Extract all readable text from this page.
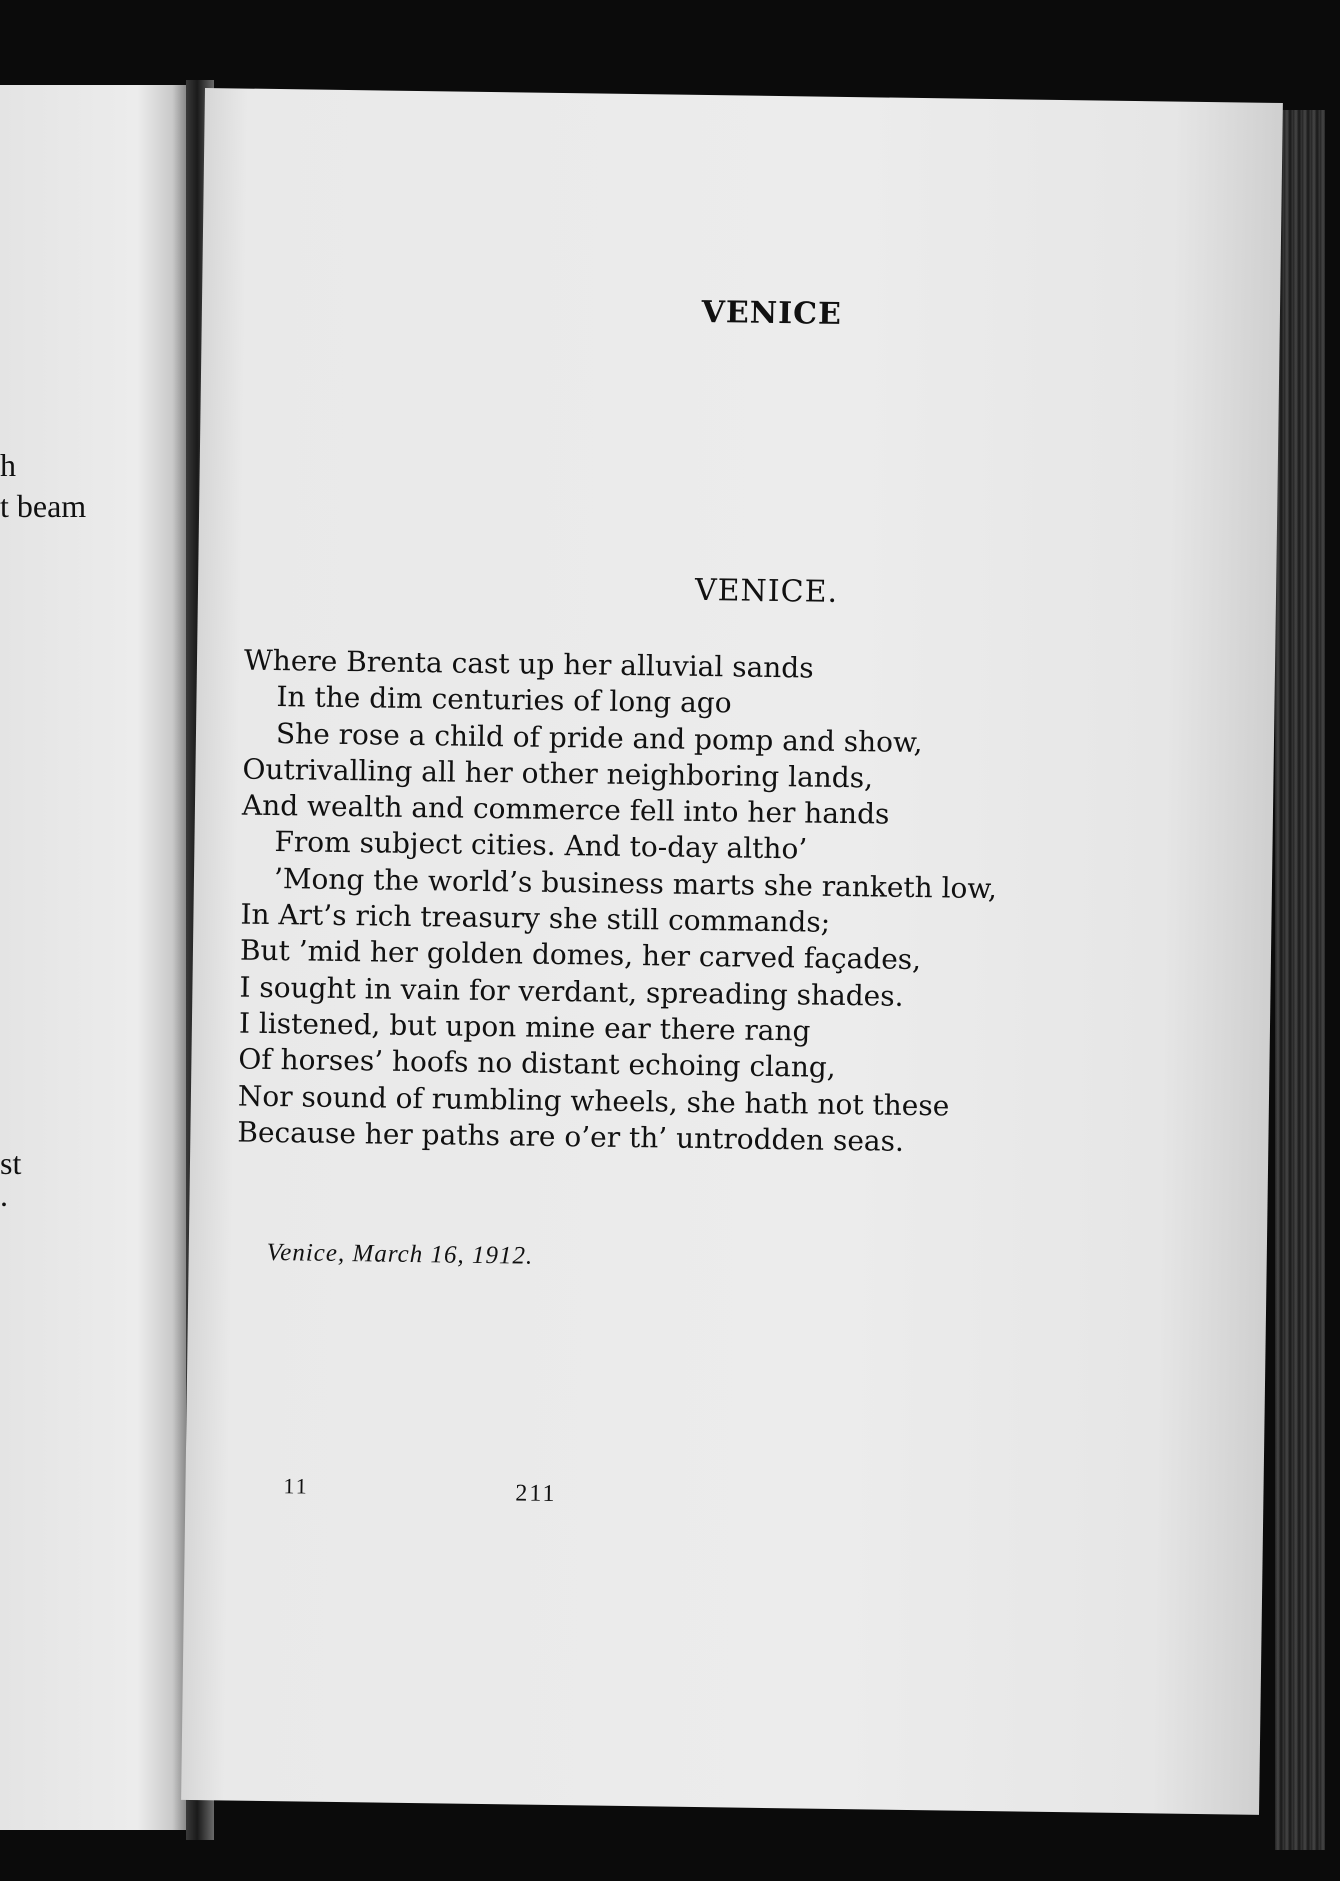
h
t beam
st
.
VENICE
VENICE.
Where Brenta cast up her alluvial sands
In the dim centuries of long ago
She rose a child of pride and pomp and show,
Outrivalling all her other neighboring lands,
And wealth and commerce fell into her hands
From subject cities. And to-day altho’
’Mong the world’s business marts she ranketh low,
In Art’s rich treasury she still commands;
But ’mid her golden domes, her carved façades,
I sought in vain for verdant, spreading shades.
I listened, but upon mine ear there rang
Of horses’ hoofs no distant echoing clang,
Nor sound of rumbling wheels, she hath not these
Because her paths are o’er th’ untrodden seas.
Venice, March 16, 1912.
11	211
